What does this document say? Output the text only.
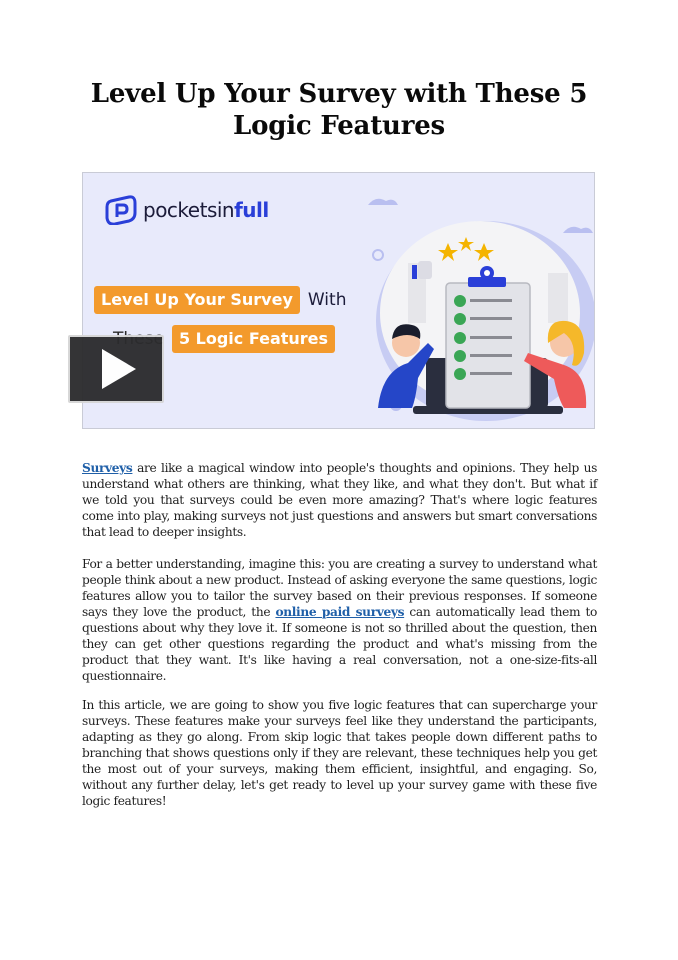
Level Up Your Survey with These 5 Logic Features
pocketsinfull
Level Up Your Survey With
5 Logic Features

Surveys are like a magical window into people's thoughts and opinions. They help us understand what others are thinking, what they like, and what they don't. But what if we told you that surveys could be even more amazing? That's where logic features come into play, making surveys not just questions and answers but smart conversations that lead to deeper insights.

For a better understanding, imagine this: you are creating a survey to understand what people think about a new product. Instead of asking everyone the same questions, logic features allow you to tailor the survey based on their previous responses. If someone says they love the product, the online paid surveys can automatically lead them to questions about why they love it. If someone is not so thrilled about the question, then they can get other questions regarding the product and what's missing from the product that they want. It's like having a real conversation, not a one-size-fits-all questionnaire.

In this article, we are going to show you five logic features that can supercharge your surveys. These features make your surveys feel like they understand the participants, adapting as they go along. From skip logic that takes people down different paths to branching that shows questions only if they are relevant, these techniques help you get the most out of your surveys, making them efficient, insightful, and engaging. So, without any further delay, let's get ready to level up your survey game with these five logic features!
